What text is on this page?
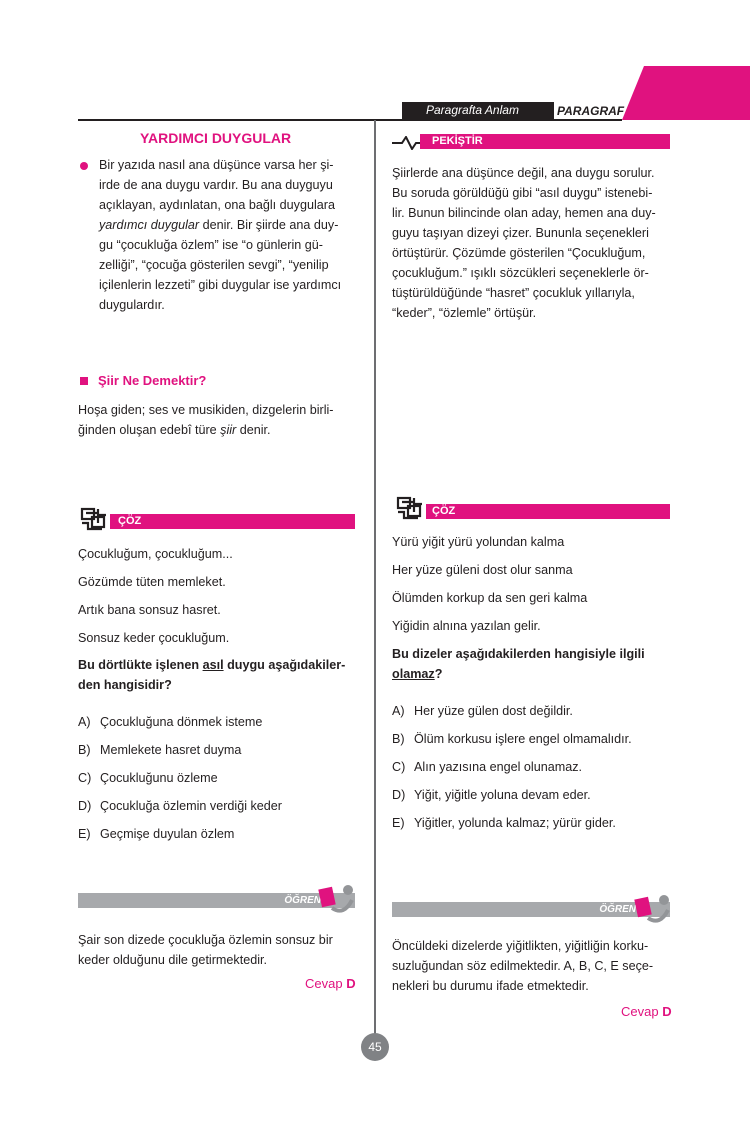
Paragrafta Anlam	PARAGRAF
YARDIMCI DUYGULAR
Bir yazıda nasıl ana düşünce varsa her şi-
irde de ana duygu vardır. Bu ana duyguyu
açıklayan, aydınlatan, ona bağlı duygulara
yardımcı duygular denir. Bir şiirde ana duy-
gu “çocukluğa özlem” ise “o günlerin gü-
zelliği”, “çocuğa gösterilen sevgi”, “yenilip
içilenlerin lezzeti” gibi duygular ise yardımcı
duygulardır.
Şiir Ne Demektir?
Hoşa giden; ses ve musikiden, dizgelerin birli-
ğinden oluşan edebî türe şiir denir.
ÇÖZ
Çocukluğum, çocukluğum...
Gözümde tüten memleket.
Artık bana sonsuz hasret.
Sonsuz keder çocukluğum.
Bu dörtlükte işlenen asıl duygu aşağıdakiler-
den hangisidir?
A) Çocukluğuna dönmek isteme
B) Memlekete hasret duyma
C) Çocukluğunu özleme
D) Çocukluğa özlemin verdiği keder
E) Geçmişe duyulan özlem
ÖĞREN
Şair son dizede çocukluğa özlemin sonsuz bir
keder olduğunu dile getirmektedir.
Cevap D
PEKİŞTİR
Şiirlerde ana düşünce değil, ana duygu sorulur.
Bu soruda görüldüğü gibi “asıl duygu” istenebi-
lir. Bunun bilincinde olan aday, hemen ana duy-
guyu taşıyan dizeyi çizer. Bununla seçenekleri
örtüştürür. Çözümde gösterilen “Çocukluğum,
çocukluğum.” ışıklı sözcükleri seçeneklerle ör-
tüştürüldüğünde “hasret” çocukluk yıllarıyla,
“keder”, “özlemle” örtüşür.
ÇÖZ
Yürü yiğit yürü yolundan kalma
Her yüze güleni dost olur sanma
Ölümden korkup da sen geri kalma
Yiğidin alnına yazılan gelir.
Bu dizeler aşağıdakilerden hangisiyle ilgili
olamaz?
A) Her yüze gülen dost değildir.
B) Ölüm korkusu işlere engel olmamalıdır.
C) Alın yazısına engel olunamaz.
D) Yiğit, yiğitle yoluna devam eder.
E) Yiğitler, yolunda kalmaz; yürür gider.
ÖĞREN
Öncüldeki dizelerde yiğitlikten, yiğitliğin korku-
suzluğundan söz edilmektedir. A, B, C, E seçe-
nekleri bu durumu ifade etmektedir.
Cevap D
45
